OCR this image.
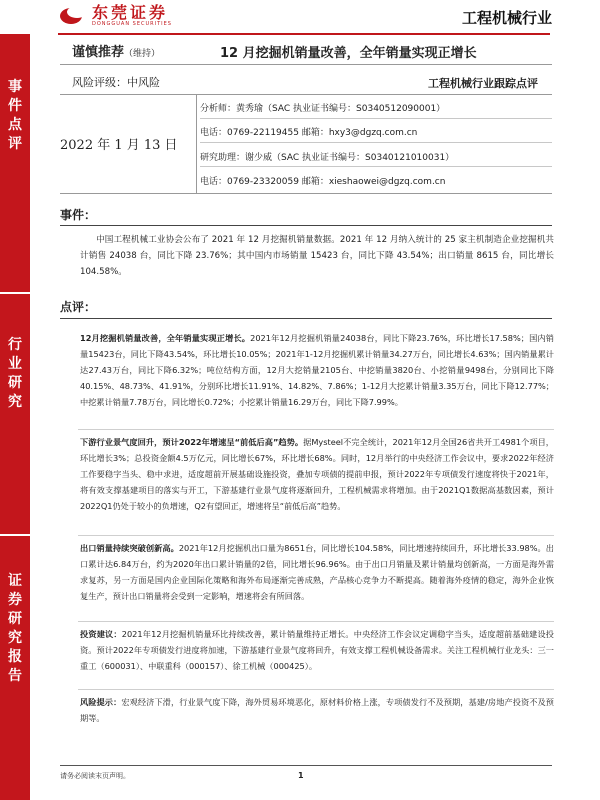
东莞证券
DONGGUAN SECURITIES	工程机械行业
事
件
点
评
行
业
研
究
证
券
研
究
报
告
谨慎推荐（维持）	12 月挖掘机销量改善，全年销量实现正增长
风险评级：中风险	工程机械行业跟踪点评
2022 年 1 月 13 日
分析师：黄秀瑜（SAC 执业证书编号：S0340512090001）
电话：0769-22119455 邮箱：hxy3@dgzq.com.cn
研究助理：谢少威（SAC 执业证书编号：S0340121010031）
电话：0769-23320059 邮箱：xieshaowei@dgzq.com.cn
事件：
中国工程机械工业协会公布了 2021 年 12 月挖掘机销量数据。2021 年 12 月纳入统计的 25 家主机制造企业挖掘机共计销售 24038 台，同比下降 23.76%；其中国内市场销量 15423 台，同比下降 43.54%；出口销量 8615 台，同比增长 104.58%。
点评：
12月挖掘机销量改善，全年销量实现正增长。2021年12月挖掘机销量24038台，同比下降23.76%，环比增长17.58%；国内销量15423台，同比下降43.54%，环比增长10.05%；2021年1-12月挖掘机累计销量34.27万台，同比增长4.63%；国内销量累计达27.43万台，同比下降6.32%；吨位结构方面，12月大挖销量2105台、中挖销量3820台、小挖销量9498台，分别同比下降40.15%、48.73%、41.91%，分别环比增长11.91%、14.82%、7.86%；1-12月大挖累计销量3.35万台，同比下降12.77%；中挖累计销量7.78万台，同比增长0.72%；小挖累计销量16.29万台，同比下降7.99%。
下游行业景气度回升，预计2022年增速呈“前低后高”趋势。据Mysteel不完全统计，2021年12月全国26省共开工4981个项目，环比增长3%；总投资金额4.5万亿元，同比增长67%，环比增长68%。同时，12月举行的中央经济工作会议中，要求2022年经济工作要稳字当头、稳中求进，适度超前开展基础设施投资，叠加专项债的提前申报，预计2022年专项债发行速度将快于2021年，将有效支撑基建项目的落实与开工，下游基建行业景气度将逐渐回升，工程机械需求将增加。由于2021Q1数据高基数因素，预计2022Q1仍处于较小的负增速，Q2有望回正，增速将呈“前低后高”趋势。
出口销量持续突破创新高。2021年12月挖掘机出口量为8651台，同比增长104.58%，同比增速持续回升，环比增长33.98%。出口累计达6.84万台，约为2020年出口累计销量的2倍，同比增长96.96%。由于出口月销量及累计销量均创新高，一方面是海外需求复苏，另一方面是国内企业国际化策略和海外布局逐渐完善成熟，产品核心竞争力不断提高。随着海外疫情的稳定，海外企业恢复生产，预计出口销量将会受到一定影响，增速将会有所回落。
投资建议：2021年12月挖掘机销量环比持续改善，累计销量维持正增长。中央经济工作会议定调稳字当头，适度超前基础建设投资。预计2022年专项债发行进度将加速，下游基建行业景气度将回升，有效支撑工程机械设备需求。关注工程机械行业龙头：三一重工（600031）、中联重科（000157）、徐工机械（000425）。
风险提示：宏观经济下滑，行业景气度下降，海外贸易环境恶化，原材料价格上涨，专项债发行不及预期，基建/房地产投资不及预期等。
请务必阅读末页声明。	1
